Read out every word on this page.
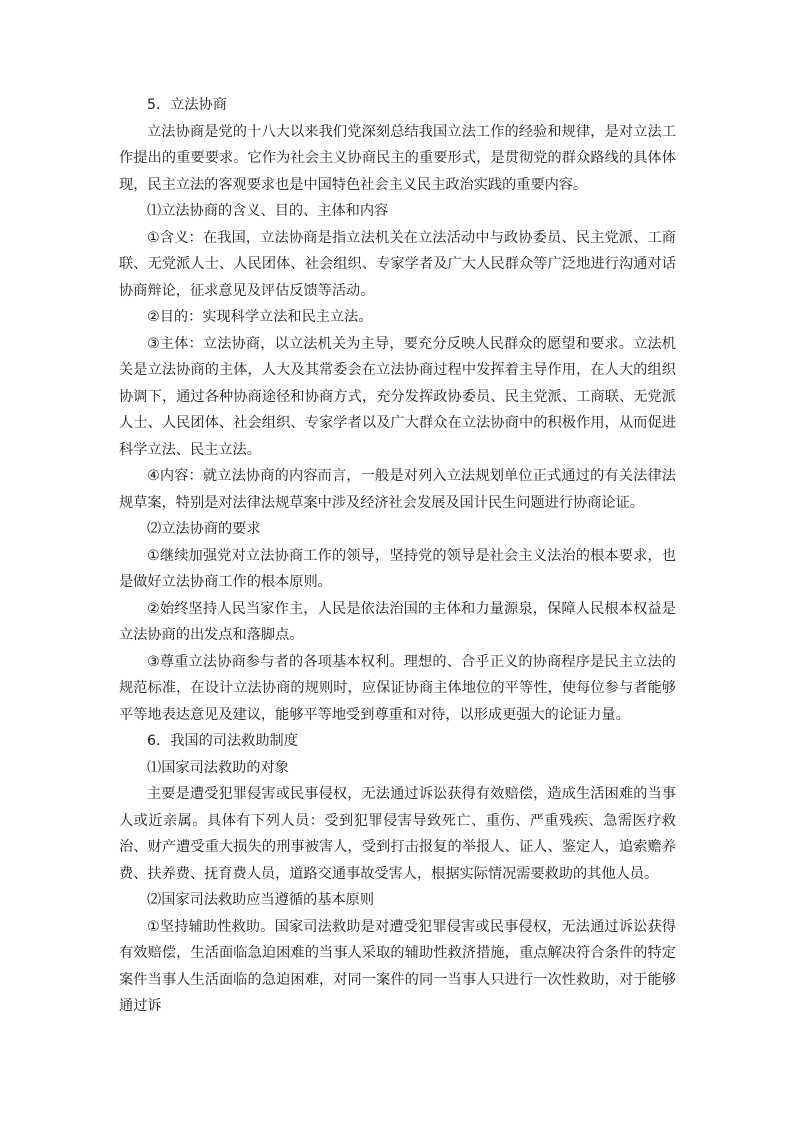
5．立法协商

立法协商是党的十八大以来我们党深刻总结我国立法工作的经验和规律，是对立法工作提出的重要要求。它作为社会主义协商民主的重要形式，是贯彻党的群众路线的具体体现，民主立法的客观要求也是中国特色社会主义民主政治实践的重要内容。

⑴立法协商的含义、目的、主体和内容

①含义：在我国，立法协商是指立法机关在立法活动中与政协委员、民主党派、工商联、无党派人士、人民团体、社会组织、专家学者及广大人民群众等广泛地进行沟通对话协商辩论，征求意见及评估反馈等活动。

②目的：实现科学立法和民主立法。

③主体：立法协商，以立法机关为主导，要充分反映人民群众的愿望和要求。立法机关是立法协商的主体，人大及其常委会在立法协商过程中发挥着主导作用，在人大的组织协调下，通过各种协商途径和协商方式，充分发挥政协委员、民主党派、工商联、无党派人士、人民团体、社会组织、专家学者以及广大群众在立法协商中的积极作用，从而促进科学立法、民主立法。

④内容：就立法协商的内容而言，一般是对列入立法规划单位正式通过的有关法律法规草案，特别是对法律法规草案中涉及经济社会发展及国计民生问题进行协商论证。

⑵立法协商的要求

①继续加强党对立法协商工作的领导，坚持党的领导是社会主义法治的根本要求，也是做好立法协商工作的根本原则。

②始终坚持人民当家作主，人民是依法治国的主体和力量源泉，保障人民根本权益是立法协商的出发点和落脚点。

③尊重立法协商参与者的各项基本权利。理想的、合乎正义的协商程序是民主立法的规范标准，在设计立法协商的规则时，应保证协商主体地位的平等性，使每位参与者能够平等地表达意见及建议，能够平等地受到尊重和对待，以形成更强大的论证力量。

6．我国的司法救助制度

⑴国家司法救助的对象

主要是遭受犯罪侵害或民事侵权，无法通过诉讼获得有效赔偿，造成生活困难的当事人或近亲属。具体有下列人员：受到犯罪侵害导致死亡、重伤、严重残疾、急需医疗救治、财产遭受重大损失的刑事被害人，受到打击报复的举报人、证人、鉴定人，追索赡养费、扶养费、抚育费人员，道路交通事故受害人，根据实际情况需要救助的其他人员。

⑵国家司法救助应当遵循的基本原则

①坚持辅助性救助。国家司法救助是对遭受犯罪侵害或民事侵权，无法通过诉讼获得有效赔偿，生活面临急迫困难的当事人采取的辅助性救济措施，重点解决符合条件的特定案件当事人生活面临的急迫困难，对同一案件的同一当事人只进行一次性救助，对于能够通过诉
